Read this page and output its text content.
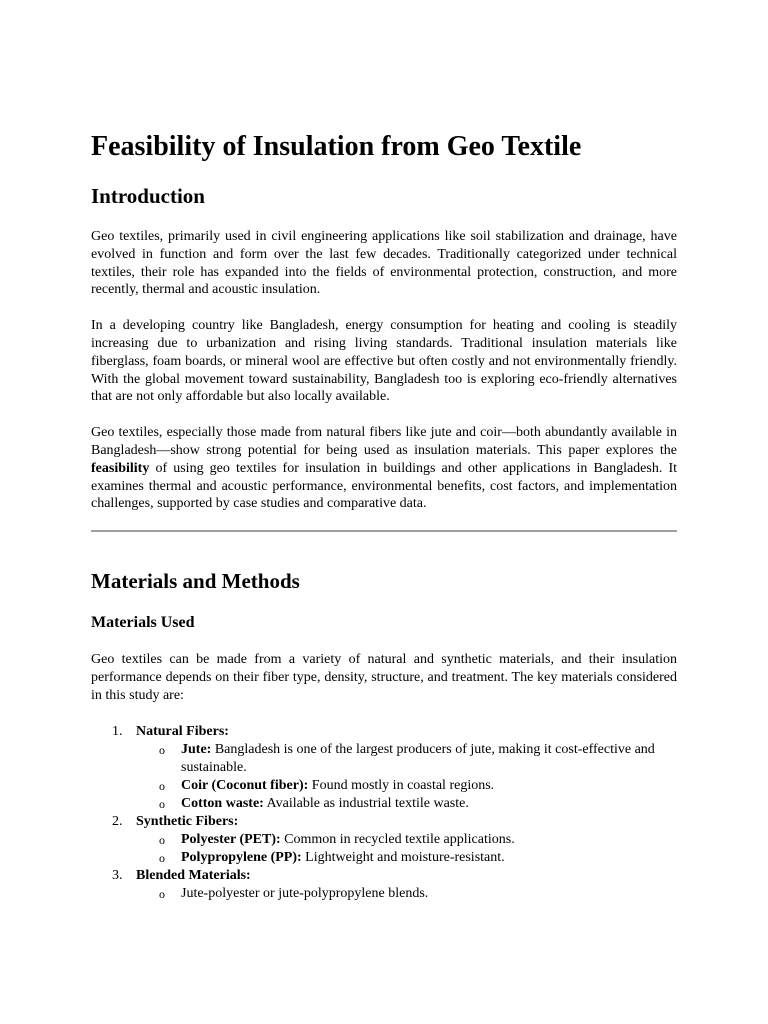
Feasibility of Insulation from Geo Textile
Introduction

Geo textiles, primarily used in civil engineering applications like soil stabilization and drainage, have evolved in function and form over the last few decades. Traditionally categorized under technical textiles, their role has expanded into the fields of environmental protection, construction, and more recently, thermal and acoustic insulation.

In a developing country like Bangladesh, energy consumption for heating and cooling is steadily increasing due to urbanization and rising living standards. Traditional insulation materials like fiberglass, foam boards, or mineral wool are effective but often costly and not environmentally friendly. With the global movement toward sustainability, Bangladesh too is exploring eco-friendly alternatives that are not only affordable but also locally available.

Geo textiles, especially those made from natural fibers like jute and coir—both abundantly available in Bangladesh—show strong potential for being used as insulation materials. This paper explores the feasibility of using geo textiles for insulation in buildings and other applications in Bangladesh. It examines thermal and acoustic performance, environmental benefits, cost factors, and implementation challenges, supported by case studies and comparative data.

Materials and Methods
Materials Used

Geo textiles can be made from a variety of natural and synthetic materials, and their insulation performance depends on their fiber type, density, structure, and treatment. The key materials considered in this study are:

1. Natural Fibers:
o Jute: Bangladesh is one of the largest producers of jute, making it cost-effective and sustainable.
o Coir (Coconut fiber): Found mostly in coastal regions.
o Cotton waste: Available as industrial textile waste.
2. Synthetic Fibers:
o Polyester (PET): Common in recycled textile applications.
o Polypropylene (PP): Lightweight and moisture-resistant.
3. Blended Materials:
o Jute-polyester or jute-polypropylene blends.
